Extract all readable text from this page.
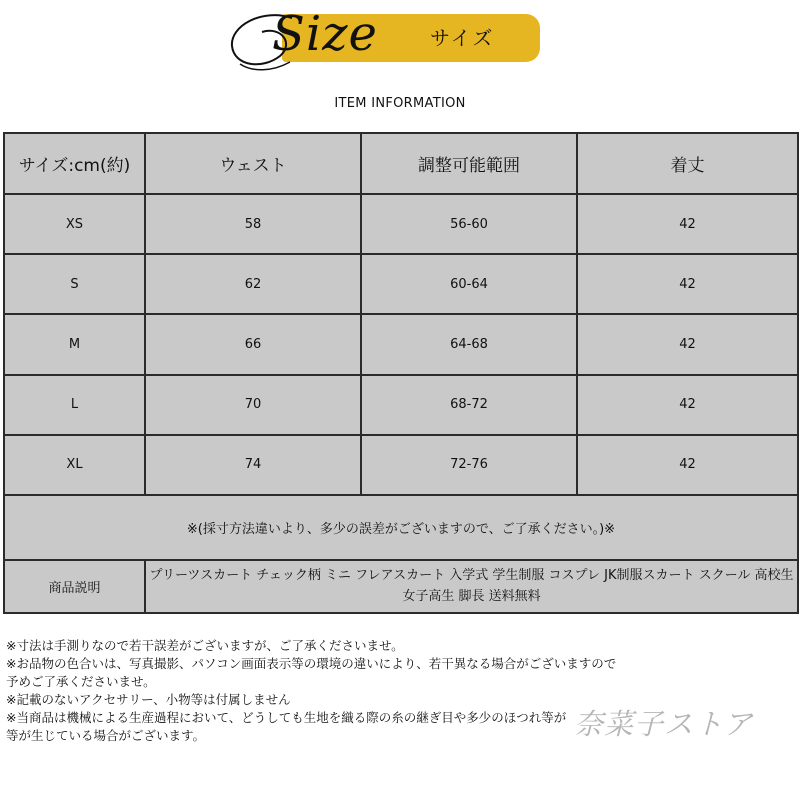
Size	サイズ
ITEM INFORMATION
サイズ:cm(約)	ウェスト	調整可能範囲	着丈
XS	58	56-60	42
S	62	60-64	42
M	66	64-68	42
L	70	68-72	42
XL	74	72-76	42
※(採寸方法違いより、多少の誤差がございますので、ご了承ください。)※			
商品説明	プリーツスカート チェック柄 ミニ フレアスカート 入学式 学生制服 コスプレ JK制服スカート スクール 高校生 女子高生 脚長 送料無料		
※寸法は手測りなので若干誤差がございますが、ご了承くださいませ。
※お品物の色合いは、写真撮影、パソコン画面表示等の環境の違いにより、若干異なる場合がございますので
予めご了承くださいませ。
※記載のないアクセサリー、小物等は付属しません
※当商品は機械による生産過程において、どうしても生地を織る際の糸の継ぎ目や多少のほつれ等が
等が生じている場合がございます。	奈菜子ストア
